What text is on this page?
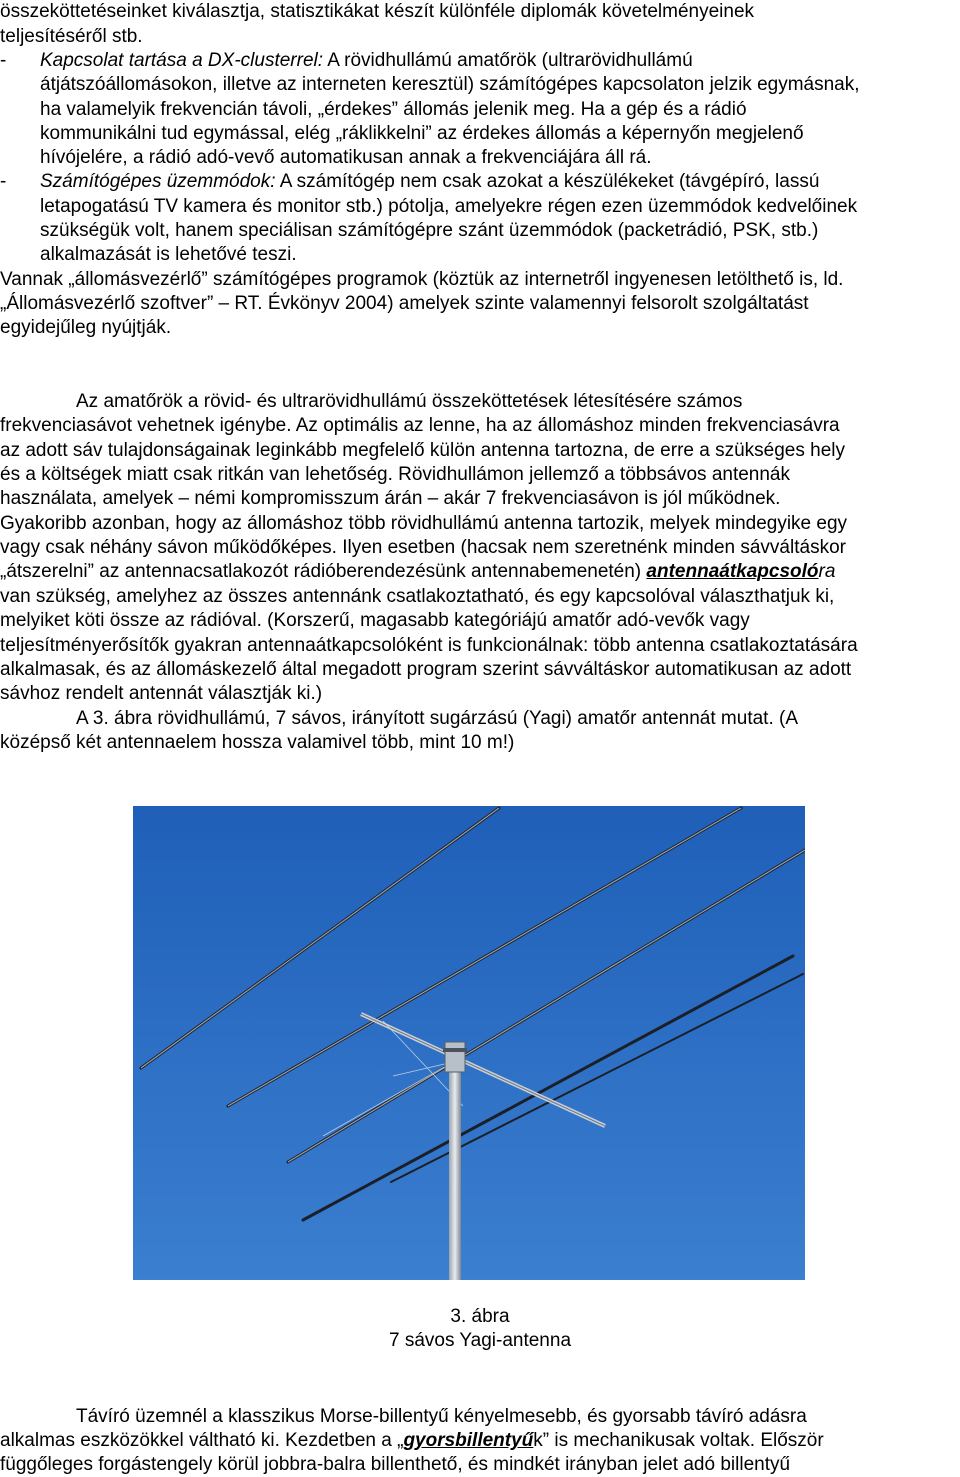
összeköttetéseinket kiválasztja, statisztikákat készít különféle diplomák követelményeinek
teljesítéséről stb.
- Kapcsolat tartása a DX-clusterrel: A rövidhullámú amatőrök (ultrarövidhullámú
átjátszóállomásokon, illetve az interneten keresztül) számítógépes kapcsolaton jelzik egymásnak,
ha valamelyik frekvencián távoli, „érdekes” állomás jelenik meg. Ha a gép és a rádió
kommunikálni tud egymással, elég „ráklikkelni” az érdekes állomás a képernyőn megjelenő
hívójelére, a rádió adó-vevő automatikusan annak a frekvenciájára áll rá.
- Számítógépes üzemmódok: A számítógép nem csak azokat a készülékeket (távgépíró, lassú
letapogatású TV kamera és monitor stb.) pótolja, amelyekre régen ezen üzemmódok kedvelőinek
szükségük volt, hanem speciálisan számítógépre szánt üzemmódok (packetrádió, PSK, stb.)
alkalmazását is lehetővé teszi.
Vannak „állomásvezérlő” számítógépes programok (köztük az internetről ingyenesen letölthető is, ld.
„Állomásvezérlő szoftver” – RT. Évkönyv 2004) amelyek szinte valamennyi felsorolt szolgáltatást
egyidejűleg nyújtják.
Az amatőrök a rövid- és ultrarövidhullámú összeköttetések létesítésére számos
frekvenciasávot vehetnek igénybe. Az optimális az lenne, ha az állomáshoz minden frekvenciasávra
az adott sáv tulajdonságainak leginkább megfelelő külön antenna tartozna, de erre a szükséges hely
és a költségek miatt csak ritkán van lehetőség. Rövidhullámon jellemző a többsávos antennák
használata, amelyek – némi kompromisszum árán – akár 7 frekvenciasávon is jól működnek.
Gyakoribb azonban, hogy az állomáshoz több rövidhullámú antenna tartozik, melyek mindegyike egy
vagy csak néhány sávon működőképes. Ilyen esetben (hacsak nem szeretnénk minden sávváltáskor
„átszerelni” az antennacsatlakozót rádióberendezésünk antennabemenetén) antennaátkapcsolóra
van szükség, amelyhez az összes antennánk csatlakoztatható, és egy kapcsolóval választhatjuk ki,
melyiket köti össze az rádióval. (Korszerű, magasabb kategóriájú amatőr adó-vevők vagy
teljesítményerősítők gyakran antennaátkapcsolóként is funkcionálnak: több antenna csatlakoztatására
alkalmasak, és az állomáskezelő által megadott program szerint sávváltáskor automatikusan az adott
sávhoz rendelt antennát választják ki.)
A 3. ábra rövidhullámú, 7 sávos, irányított sugárzású (Yagi) amatőr antennát mutat. (A
középső két antennaelem hossza valamivel több, mint 10 m!)
3. ábra
7 sávos Yagi-antenna
Távíró üzemnél a klasszikus Morse-billentyű kényelmesebb, és gyorsabb távíró adásra
alkalmas eszközökkel váltható ki. Kezdetben a „gyorsbillentyűk” is mechanikusak voltak. Először
függőleges forgástengely körül jobbra-balra billenthető, és mindkét irányban jelet adó billentyű
